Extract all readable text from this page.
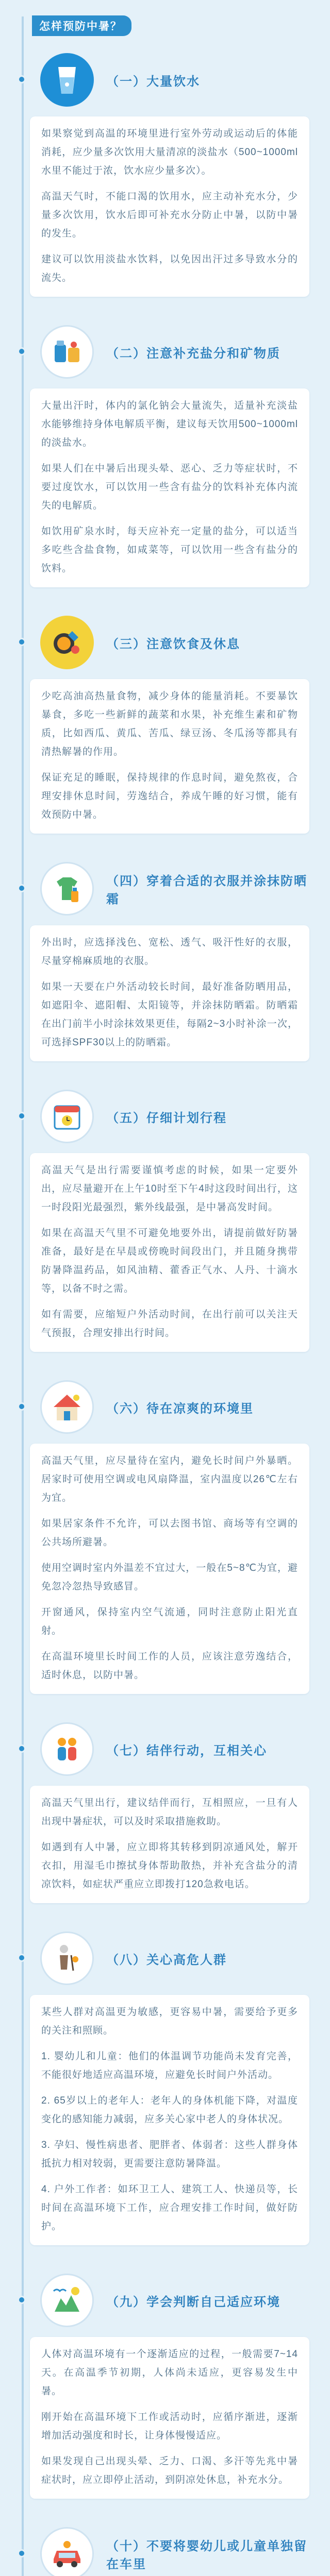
怎样预防中暑？
（一）大量饮水

如果察觉到高温的环境里进行室外劳动或运动后的体能消耗，应少量多次饮用大量清凉的淡盐水（500~1000ml 水里不能过于浓，饮水应少量多次）。

高温天气时，不能口渴的饮用水，应主动补充水分，少量多次饮用，饮水后即可补充水分防止中暑，以防中暑的发生。

建议可以饮用淡盐水饮料，以免因出汗过多导致水分的流失。

（二）注意补充盐分和矿物质

大量出汗时，体内的氯化钠会大量流失，适量补充淡盐水能够维持身体电解质平衡，建议每天饮用500~1000ml的淡盐水。

如果人们在中暑后出现头晕、恶心、乏力等症状时，不要过度饮水，可以饮用一些含有盐分的饮料补充体内流失的电解质。

如饮用矿泉水时，每天应补充一定量的盐分，可以适当多吃些含盐食物，如咸菜等，可以饮用一些含有盐分的饮料。

（三）注意饮食及休息

少吃高油高热量食物，减少身体的能量消耗。不要暴饮暴食，多吃一些新鲜的蔬菜和水果，补充维生素和矿物质，比如西瓜、黄瓜、苦瓜、绿豆汤、冬瓜汤等都具有清热解暑的作用。

保证充足的睡眠，保持规律的作息时间，避免熬夜，合理安排休息时间，劳逸结合，养成午睡的好习惯，能有效预防中暑。

（四）穿着合适的衣服并涂抹防晒霜

外出时，应选择浅色、宽松、透气、吸汗性好的衣服，尽量穿棉麻质地的衣服。

如果一天要在户外活动较长时间，最好准备防晒用品，如遮阳伞、遮阳帽、太阳镜等，并涂抹防晒霜。防晒霜在出门前半小时涂抹效果更佳，每隔2~3小时补涂一次，可选择SPF30以上的防晒霜。

（五）仔细计划行程

高温天气是出行需要谨慎考虑的时候，如果一定要外出，应尽量避开在上午10时至下午4时这段时间出行，这一时段阳光最强烈，紫外线最强，是中暑高发时间。

如果在高温天气里不可避免地要外出，请提前做好防暑准备，最好是在早晨或傍晚时间段出门，并且随身携带防暑降温药品，如风油精、藿香正气水、人丹、十滴水等，以备不时之需。

如有需要，应缩短户外活动时间，在出行前可以关注天气预报，合理安排出行时间。

（六）待在凉爽的环境里

高温天气里，应尽量待在室内，避免长时间户外暴晒。居家时可使用空调或电风扇降温，室内温度以26℃左右为宜。

如果居家条件不允许，可以去图书馆、商场等有空调的公共场所避暑。

使用空调时室内外温差不宜过大，一般在5~8℃为宜，避免忽冷忽热导致感冒。

开窗通风，保持室内空气流通，同时注意防止阳光直射。

在高温环境里长时间工作的人员，应该注意劳逸结合，适时休息，以防中暑。

（七）结伴行动，互相关心

高温天气里出行，建议结伴而行，互相照应，一旦有人出现中暑症状，可以及时采取措施救助。

如遇到有人中暑，应立即将其转移到阴凉通风处，解开衣扣，用湿毛巾擦拭身体帮助散热，并补充含盐分的清凉饮料，如症状严重应立即拨打120急救电话。

（八）关心高危人群

某些人群对高温更为敏感，更容易中暑，需要给予更多的关注和照顾。

1. 婴幼儿和儿童：他们的体温调节功能尚未发育完善，不能很好地适应高温环境，应避免长时间户外活动。

2. 65岁以上的老年人：老年人的身体机能下降，对温度变化的感知能力减弱，应多关心家中老人的身体状况。

3. 孕妇、慢性病患者、肥胖者、体弱者：这些人群身体抵抗力相对较弱，更需要注意防暑降温。

4. 户外工作者：如环卫工人、建筑工人、快递员等，长时间在高温环境下工作，应合理安排工作时间，做好防护。

（九）学会判断自己适应环境

人体对高温环境有一个逐渐适应的过程，一般需要7~14天。在高温季节初期，人体尚未适应，更容易发生中暑。

刚开始在高温环境下工作或活动时，应循序渐进，逐渐增加活动强度和时长，让身体慢慢适应。

如果发现自己出现头晕、乏力、口渴、多汗等先兆中暑症状时，应立即停止活动，到阴凉处休息，补充水分。

（十）不要将婴幼儿或儿童单独留在车里
